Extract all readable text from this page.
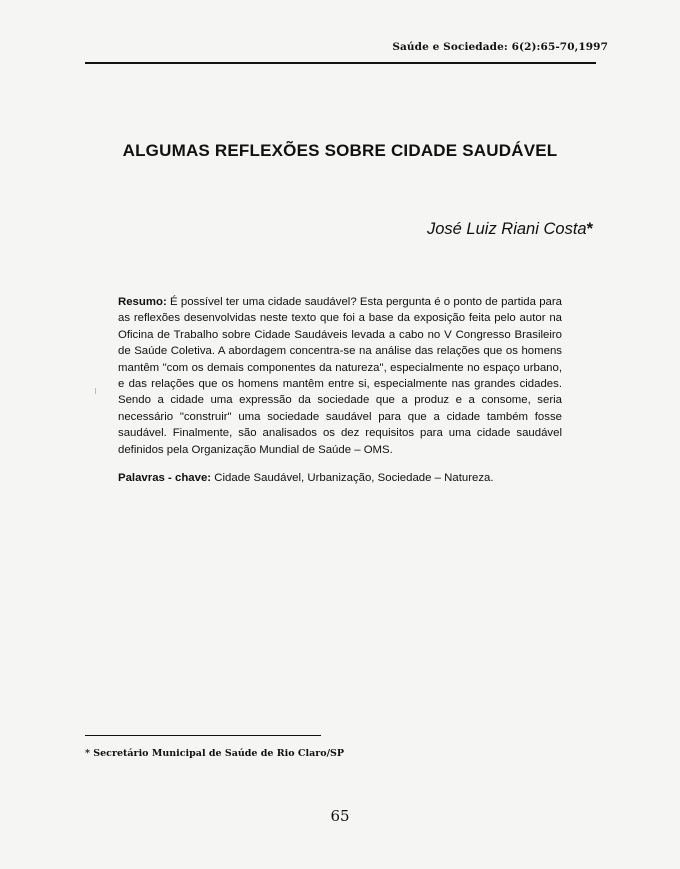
Saúde e Sociedade: 6(2):65-70,1997
ALGUMAS REFLEXÕES SOBRE CIDADE SAUDÁVEL
José Luiz Riani Costa*
Resumo: É possível ter uma cidade saudável? Esta pergunta é o ponto de partida para as reflexões desenvolvidas neste texto que foi a base da exposição feita pelo autor na Oficina de Trabalho sobre Cidade Saudáveis levada a cabo no V Congresso Brasileiro de Saúde Coletiva. A abordagem concentra-se na análise das relações que os homens mantêm "com os demais componentes da natureza", especialmente no espaço urbano, e das relações que os homens mantêm entre si, especialmente nas grandes cidades. Sendo a cidade uma expressão da sociedade que a produz e a consome, seria necessário "construir" uma sociedade saudável para que a cidade também fosse saudável. Finalmente, são analisados os dez requisitos para uma cidade saudável definidos pela Organização Mundial de Saúde – OMS.
Palavras - chave: Cidade Saudável, Urbanização, Sociedade – Natureza.
* Secretário Municipal de Saúde de Rio Claro/SP
65
